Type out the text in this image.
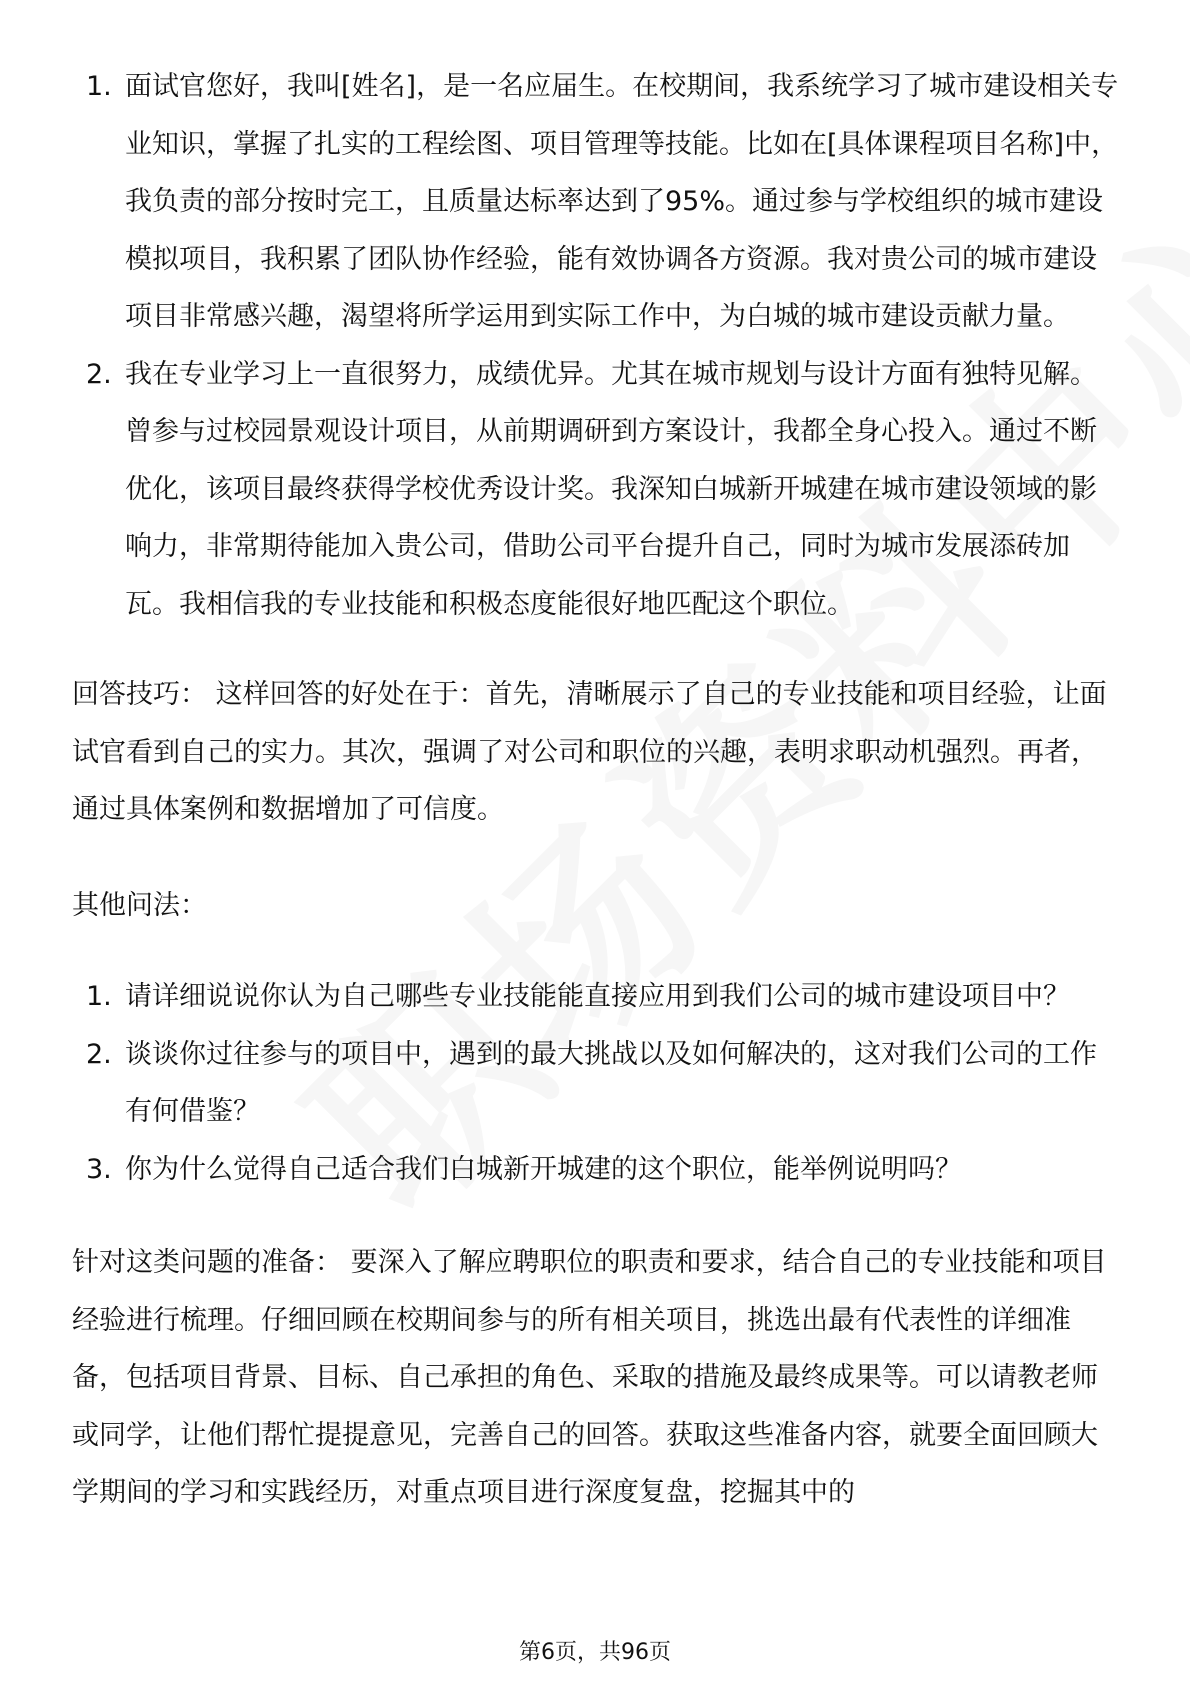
1. 面试官您好，我叫[姓名]，是一名应届生。在校期间，我系统学习了城市建设相关专业知识，掌握了扎实的工程绘图、项目管理等技能。比如在[具体课程项目名称]中，我负责的部分按时完工，且质量达标率达到了95%。通过参与学校组织的城市建设模拟项目，我积累了团队协作经验，能有效协调各方资源。我对贵公司的城市建设项目非常感兴趣，渴望将所学运用到实际工作中，为白城的城市建设贡献力量。
2. 我在专业学习上一直很努力，成绩优异。尤其在城市规划与设计方面有独特见解。曾参与过校园景观设计项目，从前期调研到方案设计，我都全身心投入。通过不断优化，该项目最终获得学校优秀设计奖。我深知白城新开城建在城市建设领域的影响力，非常期待能加入贵公司，借助公司平台提升自己，同时为城市发展添砖加瓦。我相信我的专业技能和积极态度能很好地匹配这个职位。

回答技巧： 这样回答的好处在于：首先，清晰展示了自己的专业技能和项目经验，让面试官看到自己的实力。其次，强调了对公司和职位的兴趣，表明求职动机强烈。再者，通过具体案例和数据增加了可信度。

其他问法：

1. 请详细说说你认为自己哪些专业技能能直接应用到我们公司的城市建设项目中？
2. 谈谈你过往参与的项目中，遇到的最大挑战以及如何解决的，这对我们公司的工作有何借鉴？
3. 你为什么觉得自己适合我们白城新开城建的这个职位，能举例说明吗？

针对这类问题的准备： 要深入了解应聘职位的职责和要求，结合自己的专业技能和项目经验进行梳理。仔细回顾在校期间参与的所有相关项目，挑选出最有代表性的详细准备，包括项目背景、目标、自己承担的角色、采取的措施及最终成果等。可以请教老师或同学，让他们帮忙提提意见，完善自己的回答。获取这些准备内容，就要全面回顾大学期间的学习和实践经历，对重点项目进行深度复盘，挖掘其中的

第6页，共96页
